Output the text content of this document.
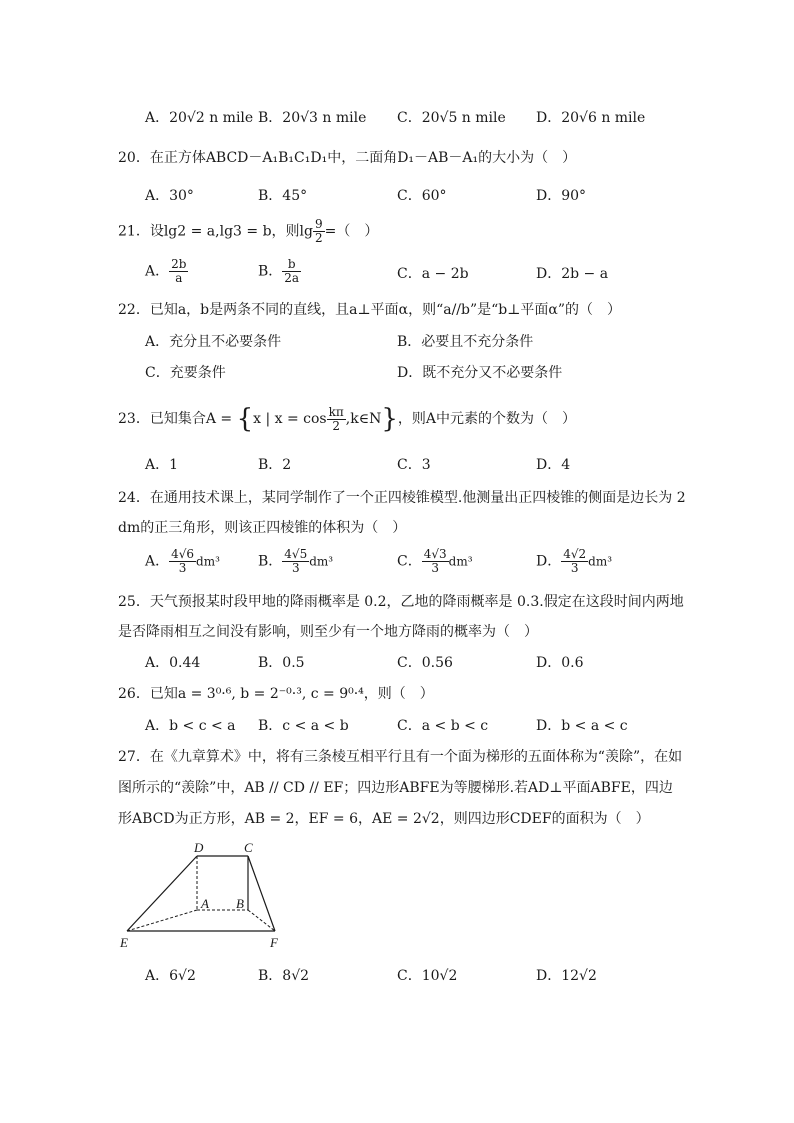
A．20√2 n mile B．20√3 n mile C．20√5 n mile D．20√6 n mile
20．在正方体ABCD－A₁B₁C₁D₁中，二面角D₁－AB－A₁的大小为（　）
A．30°	B．45°	C．60°	D．90°
21．设lg2 = a,lg3 = b，则$\lg \frac{9}{2}$ =（　）
A． $\frac{2b}{a}$	B． $\frac{b}{2a}$	C．a − 2b	D．2b − a
22．已知a，b是两条不同的直线，且a⊥平面α，则“a//b”是“b⊥平面α”的（　）
A．充分且不必要条件	B．必要且不充分条件
C．充要条件	D．既不充分又不必要条件
23．已知集合A = {x | $x = \cos \frac{k\pi}{2}$ ,k∈N}，则A中元素的个数为（　）
A．1	B．2	C．3	D．4
24．在通用技术课上，某同学制作了一个正四棱锥模型.他测量出正四棱锥的侧面是边长为 2
dm的正三角形，则该正四棱锥的体积为（　）
A． $\frac{4√6}{3} dm^3$	B． $\frac{4√5}{3} dm^3$	C． $\frac{4√3}{3} dm^3$	D． $\frac{4√2}{3} dm^3$
25．天气预报某时段甲地的降雨概率是 0.2，乙地的降雨概率是 0.3.假定在这段时间内两地
是否降雨相互之间没有影响，则至少有一个地方降雨的概率为（　）
A．0.44	B．0.5	C．0.56	D．0.6
26．已知a = 3⁰·⁶, b = 2⁻⁰·³, c = 9⁰·⁴，则（　）
A．b < c < a B．c < a < b	C．a < b < c	D．b < a < c
27．在《九章算术》中，将有三条棱互相平行且有一个面为梯形的五面体称为“羡除”，在如
图所示的“羡除”中，AB // CD // EF；四边形ABFE为等腰梯形.若AD⊥平面ABFE，四边
形ABCD为正方形，AB = 2，EF = 6，AE = 2√2，则四边形CDEF的面积为（　）
D	C
A B
E	F
A．6√2	B．8√2	C．10√2	D．12√2
